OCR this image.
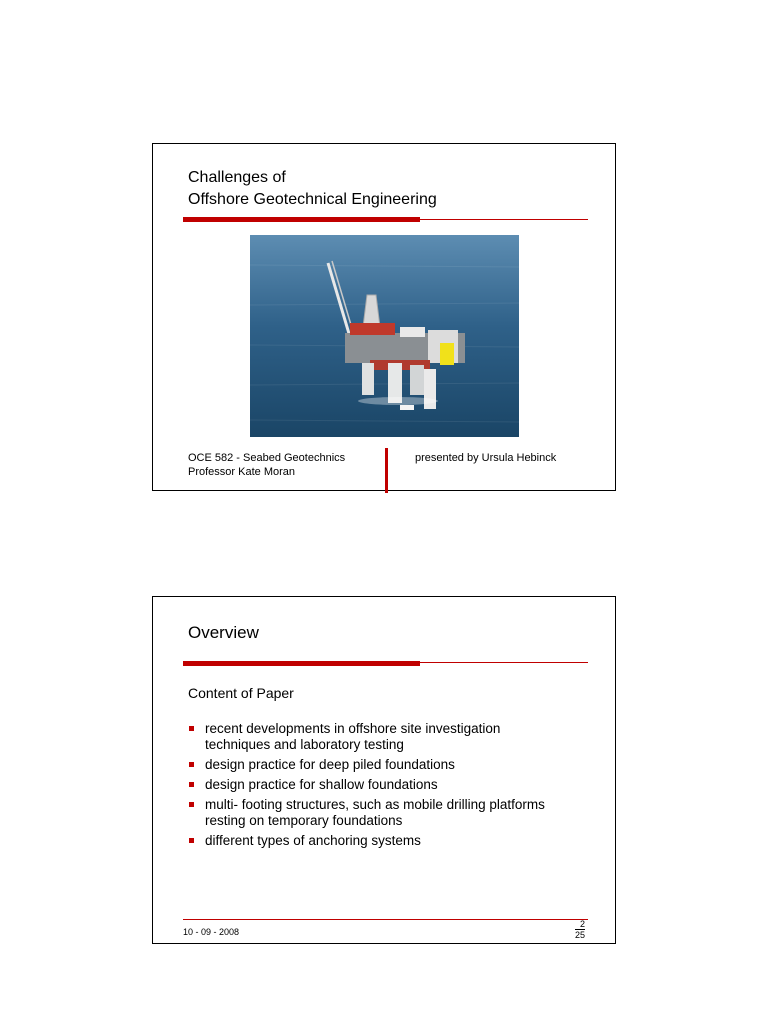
Challenges of
Offshore Geotechnical Engineering
OCE 582 - Seabed Geotechnics
Professor Kate Moran
presented by Ursula Hebinck
Overview
Content of Paper
recent developments in offshore site investigation
techniques and laboratory testing
design practice for deep piled foundations
design practice for shallow foundations
multi- footing structures, such as mobile drilling platforms
resting on temporary foundations
different types of anchoring systems
10 - 09 - 2008
2
25
